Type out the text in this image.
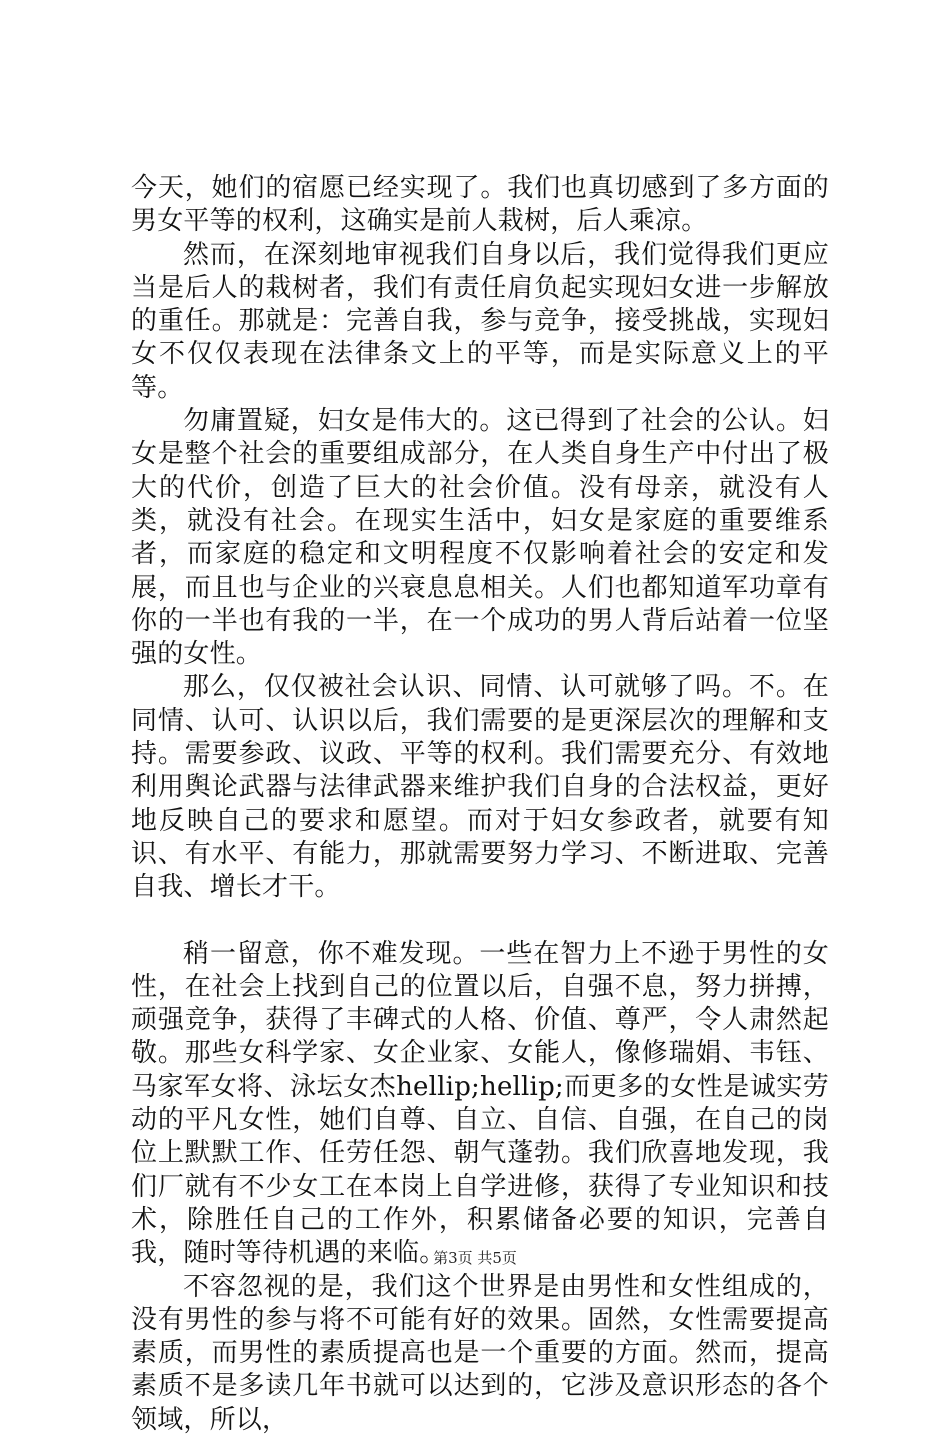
今天，她们的宿愿已经实现了。我们也真切感到了多方面的男女平等的权利，这确实是前人栽树，后人乘凉。

然而，在深刻地审视我们自身以后，我们觉得我们更应当是后人的栽树者，我们有责任肩负起实现妇女进一步解放的重任。那就是：完善自我，参与竞争，接受挑战，实现妇女不仅仅表现在法律条文上的平等，而是实际意义上的平等。

勿庸置疑，妇女是伟大的。这已得到了社会的公认。妇女是整个社会的重要组成部分，在人类自身生产中付出了极大的代价，创造了巨大的社会价值。没有母亲，就没有人类，就没有社会。在现实生活中，妇女是家庭的重要维系者，而家庭的稳定和文明程度不仅影响着社会的安定和发展，而且也与企业的兴衰息息相关。人们也都知道军功章有你的一半也有我的一半，在一个成功的男人背后站着一位坚强的女性。

那么，仅仅被社会认识、同情、认可就够了吗。不。在同情、认可、认识以后，我们需要的是更深层次的理解和支持。需要参政、议政、平等的权利。我们需要充分、有效地利用舆论武器与法律武器来维护我们自身的合法权益，更好地反映自己的要求和愿望。而对于妇女参政者，就要有知识、有水平、有能力，那就需要努力学习、不断进取、完善自我、增长才干。

稍一留意，你不难发现。一些在智力上不逊于男性的女性，在社会上找到自己的位置以后，自强不息，努力拼搏，顽强竞争，获得了丰碑式的人格、价值、尊严，令人肃然起敬。那些女科学家、女企业家、女能人，像修瑞娟、韦钰、马家军女将、泳坛女杰hellip;hellip;而更多的女性是诚实劳动的平凡女性，她们自尊、自立、自信、自强，在自己的岗位上默默工作、任劳任怨、朝气蓬勃。我们欣喜地发现，我们厂就有不少女工在本岗上自学进修，获得了专业知识和技术，除胜任自己的工作外，积累储备必要的知识，完善自我，随时等待机遇的来临。

不容忽视的是，我们这个世界是由男性和女性组成的，没有男性的参与将不可能有好的效果。固然，女性需要提高素质，而男性的素质提高也是一个重要的方面。然而，提高素质不是多读几年书就可以达到的，它涉及意识形态的各个领域，所以，

第3页 共5页
